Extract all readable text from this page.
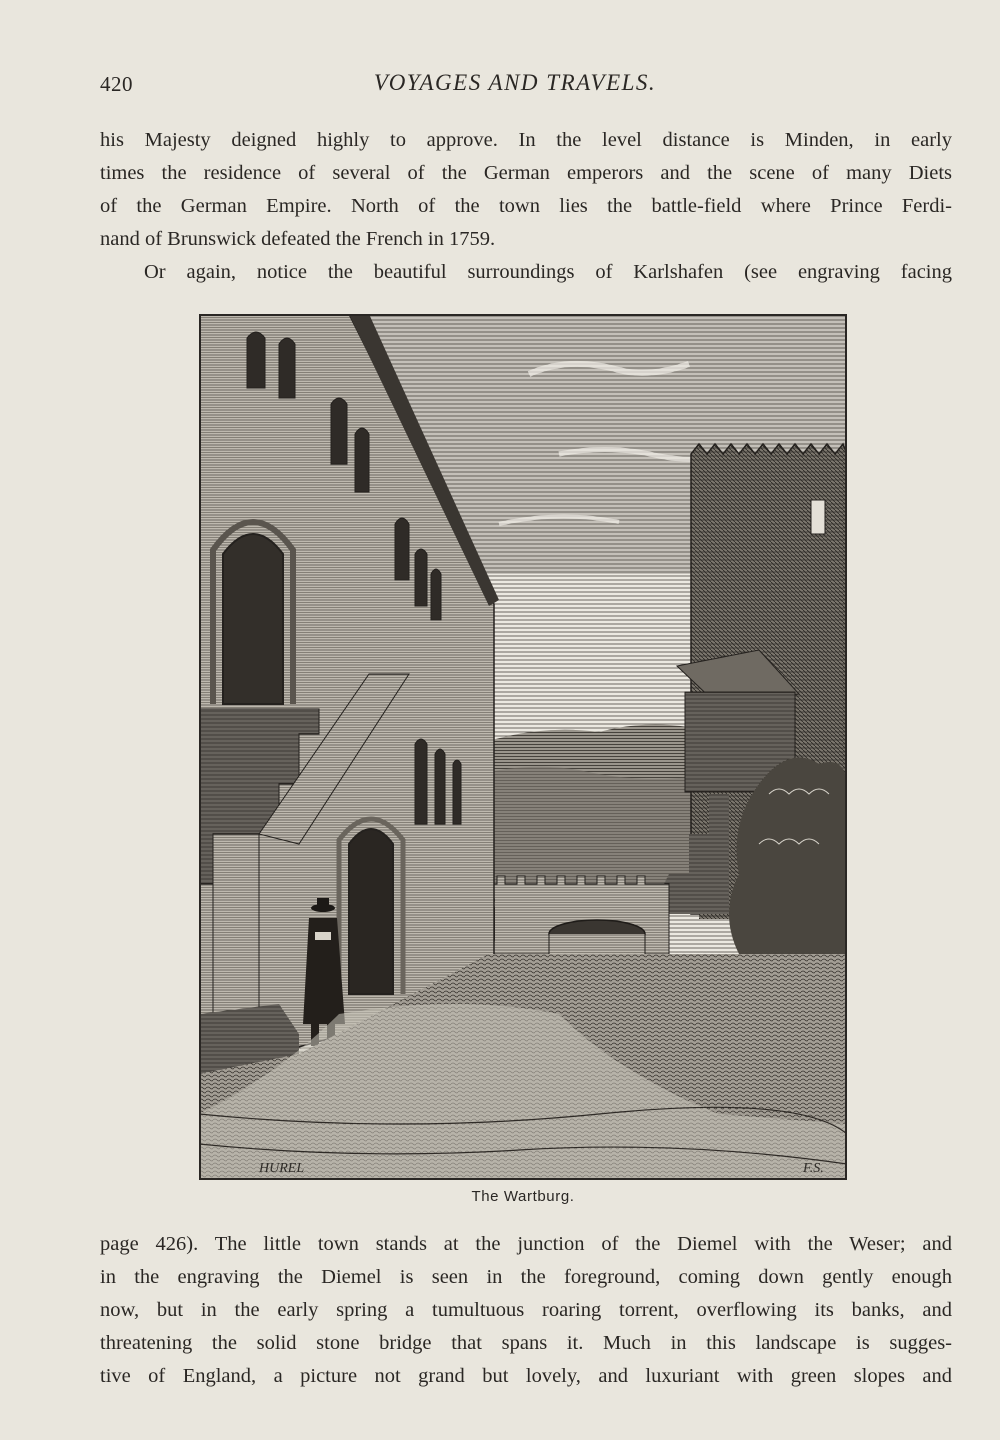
420	VOYAGES AND TRAVELS.

his Majesty deigned highly to approve. In the level distance is Minden, in early
times the residence of several of the German emperors and the scene of many Diets
of the German Empire. North of the town lies the battle-field where Prince Ferdi-
nand of Brunswick defeated the French in 1759.

Or again, notice the beautiful surroundings of Karlshafen (see engraving facing

HUREL	F.S.
The Wartburg.

page 426). The little town stands at the junction of the Diemel with the Weser; and
in the engraving the Diemel is seen in the foreground, coming down gently enough
now, but in the early spring a tumultuous roaring torrent, overflowing its banks, and
threatening the solid stone bridge that spans it. Much in this landscape is sugges-
tive of England, a picture not grand but lovely, and luxuriant with green slopes and
